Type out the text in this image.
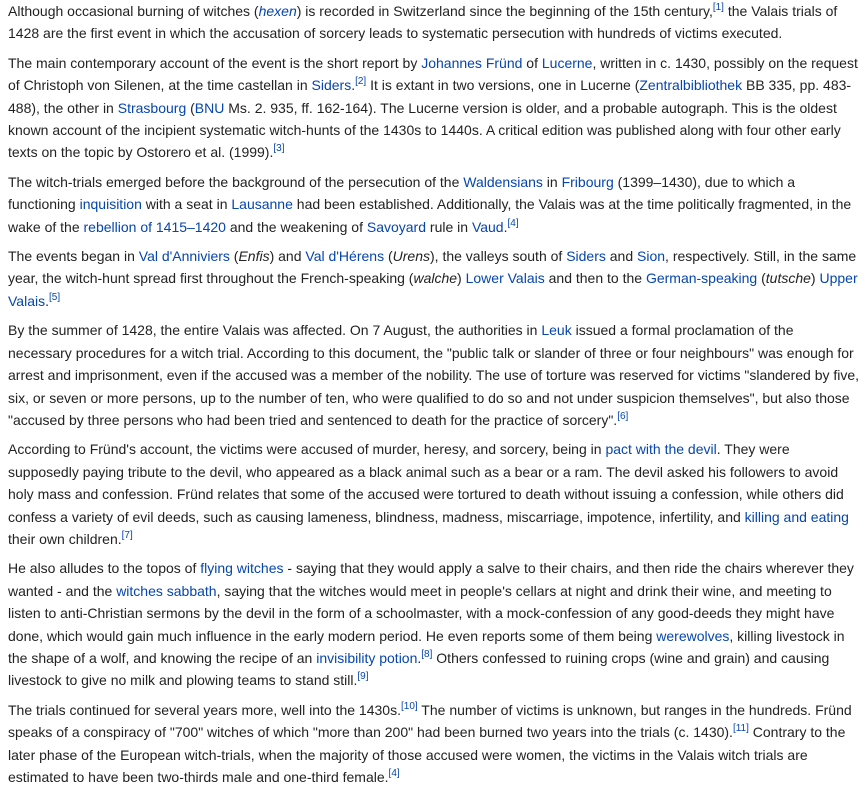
Although occasional burning of witches (hexen) is recorded in Switzerland since the beginning of the 15th century,[1] the Valais trials of 1428 are the first event in which the accusation of sorcery leads to systematic persecution with hundreds of victims executed.

The main contemporary account of the event is the short report by Johannes Fründ of Lucerne, written in c. 1430, possibly on the request of Christoph von Silenen, at the time castellan in Siders.[2] It is extant in two versions, one in Lucerne (Zentralbibliothek BB 335, pp. 483-488), the other in Strasbourg (BNU Ms. 2. 935, ff. 162-164). The Lucerne version is older, and a probable autograph. This is the oldest known account of the incipient systematic witch-hunts of the 1430s to 1440s. A critical edition was published along with four other early texts on the topic by Ostorero et al. (1999).[3]

The witch-trials emerged before the background of the persecution of the Waldensians in Fribourg (1399–1430), due to which a functioning inquisition with a seat in Lausanne had been established. Additionally, the Valais was at the time politically fragmented, in the wake of the rebellion of 1415–1420 and the weakening of Savoyard rule in Vaud.[4]

The events began in Val d'Anniviers (Enfis) and Val d'Hérens (Urens), the valleys south of Siders and Sion, respectively. Still, in the same year, the witch-hunt spread first throughout the French-speaking (walche) Lower Valais and then to the German-speaking (tutsche) Upper Valais.[5]

By the summer of 1428, the entire Valais was affected. On 7 August, the authorities in Leuk issued a formal proclamation of the necessary procedures for a witch trial. According to this document, the "public talk or slander of three or four neighbours" was enough for arrest and imprisonment, even if the accused was a member of the nobility. The use of torture was reserved for victims "slandered by five, six, or seven or more persons, up to the number of ten, who were qualified to do so and not under suspicion themselves", but also those "accused by three persons who had been tried and sentenced to death for the practice of sorcery".[6]

According to Fründ's account, the victims were accused of murder, heresy, and sorcery, being in pact with the devil. They were supposedly paying tribute to the devil, who appeared as a black animal such as a bear or a ram. The devil asked his followers to avoid holy mass and confession. Fründ relates that some of the accused were tortured to death without issuing a confession, while others did confess a variety of evil deeds, such as causing lameness, blindness, madness, miscarriage, impotence, infertility, and killing and eating their own children.[7]

He also alludes to the topos of flying witches - saying that they would apply a salve to their chairs, and then ride the chairs wherever they wanted - and the witches sabbath, saying that the witches would meet in people's cellars at night and drink their wine, and meeting to listen to anti-Christian sermons by the devil in the form of a schoolmaster, with a mock-confession of any good-deeds they might have done, which would gain much influence in the early modern period. He even reports some of them being werewolves, killing livestock in the shape of a wolf, and knowing the recipe of an invisibility potion.[8] Others confessed to ruining crops (wine and grain) and causing livestock to give no milk and plowing teams to stand still.[9]

The trials continued for several years more, well into the 1430s.[10] The number of victims is unknown, but ranges in the hundreds. Fründ speaks of a conspiracy of "700" witches of which "more than 200" had been burned two years into the trials (c. 1430).[11] Contrary to the later phase of the European witch-trials, when the majority of those accused were women, the victims in the Valais witch trials are estimated to have been two-thirds male and one-third female.[4]
